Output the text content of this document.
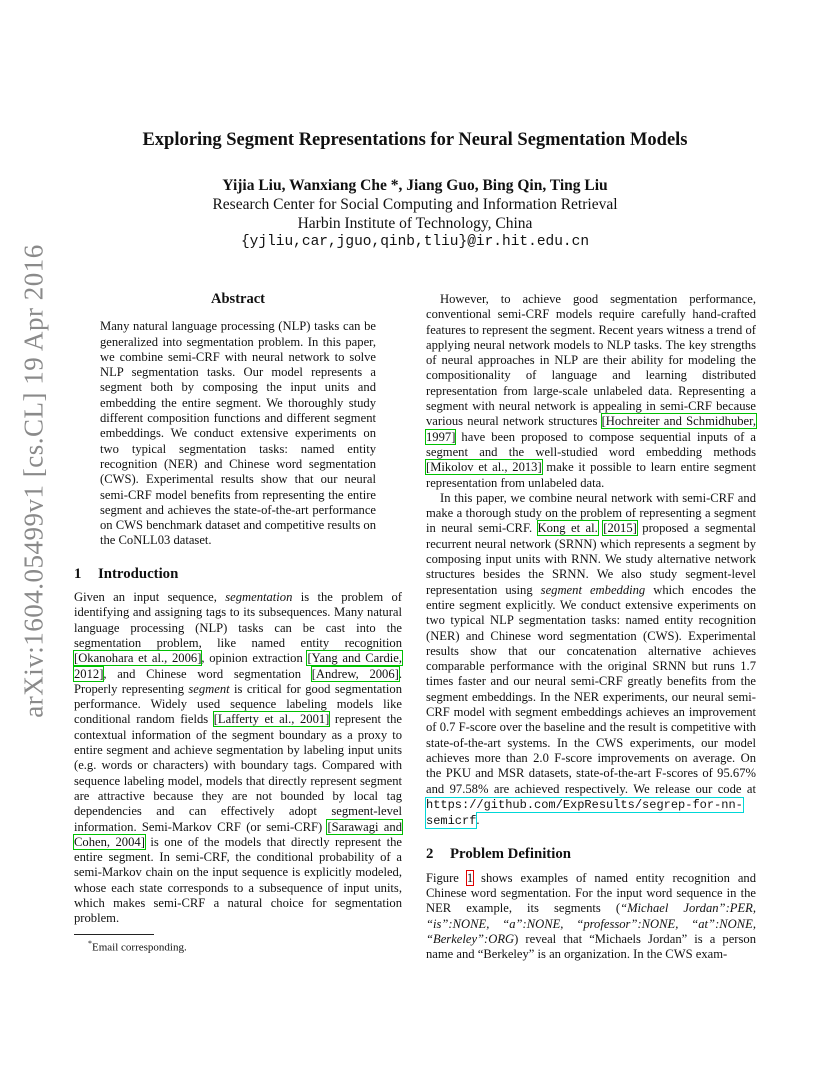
arXiv:1604.05499v1 [cs.CL] 19 Apr 2016
Exploring Segment Representations for Neural Segmentation Models
Yijia Liu, Wanxiang Che *, Jiang Guo, Bing Qin, Ting Liu
Research Center for Social Computing and Information Retrieval
Harbin Institute of Technology, China
{yjliu,car,jguo,qinb,tliu}@ir.hit.edu.cn
Abstract

Many natural language processing (NLP) tasks can be generalized into segmentation problem. In this paper, we combine semi-CRF with neural network to solve NLP segmentation tasks. Our model represents a segment both by composing the input units and embedding the entire segment. We thoroughly study different composition functions and different segment embeddings. We conduct extensive experiments on two typical segmentation tasks: named entity recognition (NER) and Chinese word segmentation (CWS). Experimental results show that our neural semi-CRF model benefits from representing the entire segment and achieves the state-of-the-art performance on CWS benchmark dataset and competitive results on the CoNLL03 dataset.

1 Introduction

Given an input sequence, segmentation is the problem of identifying and assigning tags to its subsequences. Many natural language processing (NLP) tasks can be cast into the segmentation problem, like named entity recognition [Okanohara et al., 2006], opinion extraction [Yang and Cardie, 2012], and Chinese word segmentation [Andrew, 2006]. Properly representing segment is critical for good segmentation performance. Widely used sequence labeling models like conditional random fields [Lafferty et al., 2001] represent the contextual information of the segment boundary as a proxy to entire segment and achieve segmentation by labeling input units (e.g. words or characters) with boundary tags. Compared with sequence labeling model, models that directly represent segment are attractive because they are not bounded by local tag dependencies and can effectively adopt segment-level information. Semi-Markov CRF (or semi-CRF) [Sarawagi and Cohen, 2004] is one of the models that directly represent the entire segment. In semi-CRF, the conditional probability of a semi-Markov chain on the input sequence is explicitly modeled, whose each state corresponds to a subsequence of input units, which makes semi-CRF a natural choice for segmentation problem.

*Email corresponding.

However, to achieve good segmentation performance, conventional semi-CRF models require carefully hand-crafted features to represent the segment. Recent years witness a trend of applying neural network models to NLP tasks. The key strengths of neural approaches in NLP are their ability for modeling the compositionality of language and learning distributed representation from large-scale unlabeled data. Representing a segment with neural network is appealing in semi-CRF because various neural network structures [Hochreiter and Schmidhuber, 1997] have been proposed to compose sequential inputs of a segment and the well-studied word embedding methods [Mikolov et al., 2013] make it possible to learn entire segment representation from unlabeled data.

In this paper, we combine neural network with semi-CRF and make a thorough study on the problem of representing a segment in neural semi-CRF. Kong et al. [2015] proposed a segmental recurrent neural network (SRNN) which represents a segment by composing input units with RNN. We study alternative network structures besides the SRNN. We also study segment-level representation using segment embedding which encodes the entire segment explicitly. We conduct extensive experiments on two typical NLP segmentation tasks: named entity recognition (NER) and Chinese word segmentation (CWS). Experimental results show that our concatenation alternative achieves comparable performance with the original SRNN but runs 1.7 times faster and our neural semi-CRF greatly benefits from the segment embeddings. In the NER experiments, our neural semi-CRF model with segment embeddings achieves an improvement of 0.7 F-score over the baseline and the result is competitive with state-of-the-art systems. In the CWS experiments, our model achieves more than 2.0 F-score improvements on average. On the PKU and MSR datasets, state-of-the-art F-scores of 95.67% and 97.58% are achieved respectively. We release our code at https://github.com/ExpResults/segrep-for-nn-semicrf.

2 Problem Definition

Figure 1 shows examples of named entity recognition and Chinese word segmentation. For the input word sequence in the NER example, its segments (“Michael Jordan”:PER, “is”:NONE, “a”:NONE, “professor”:NONE, “at”:NONE, “Berkeley”:ORG) reveal that “Michaels Jordan” is a person name and “Berkeley” is an organization. In the CWS exam-
